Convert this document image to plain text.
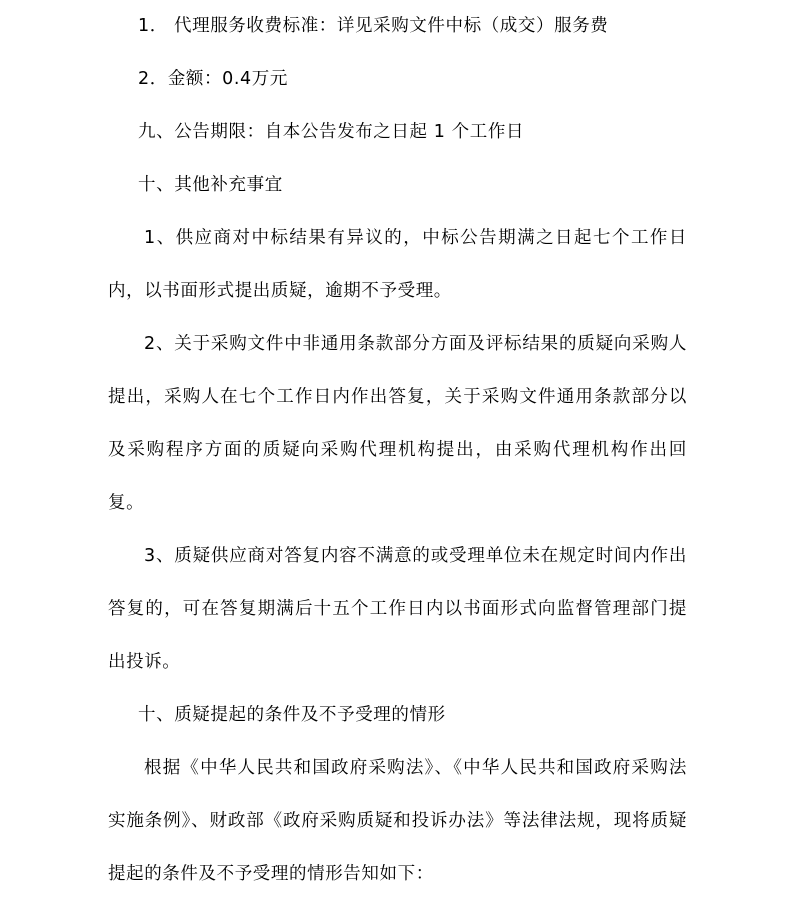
1． 代理服务收费标准：详见采购文件中标（成交）服务费

2．金额：0.4万元

九、公告期限：自本公告发布之日起 1 个工作日

十、其他补充事宜

1、供应商对中标结果有异议的，中标公告期满之日起七个工作日内，以书面形式提出质疑，逾期不予受理。

2、关于采购文件中非通用条款部分方面及评标结果的质疑向采购人提出，采购人在七个工作日内作出答复，关于采购文件通用条款部分以及采购程序方面的质疑向采购代理机构提出，由采购代理机构作出回复。

3、质疑供应商对答复内容不满意的或受理单位未在规定时间内作出答复的，可在答复期满后十五个工作日内以书面形式向监督管理部门提出投诉。

十、质疑提起的条件及不予受理的情形

根据《中华人民共和国政府采购法》、《中华人民共和国政府采购法实施条例》、财政部《政府采购质疑和投诉办法》等法律法规，现将质疑提起的条件及不予受理的情形告知如下：
